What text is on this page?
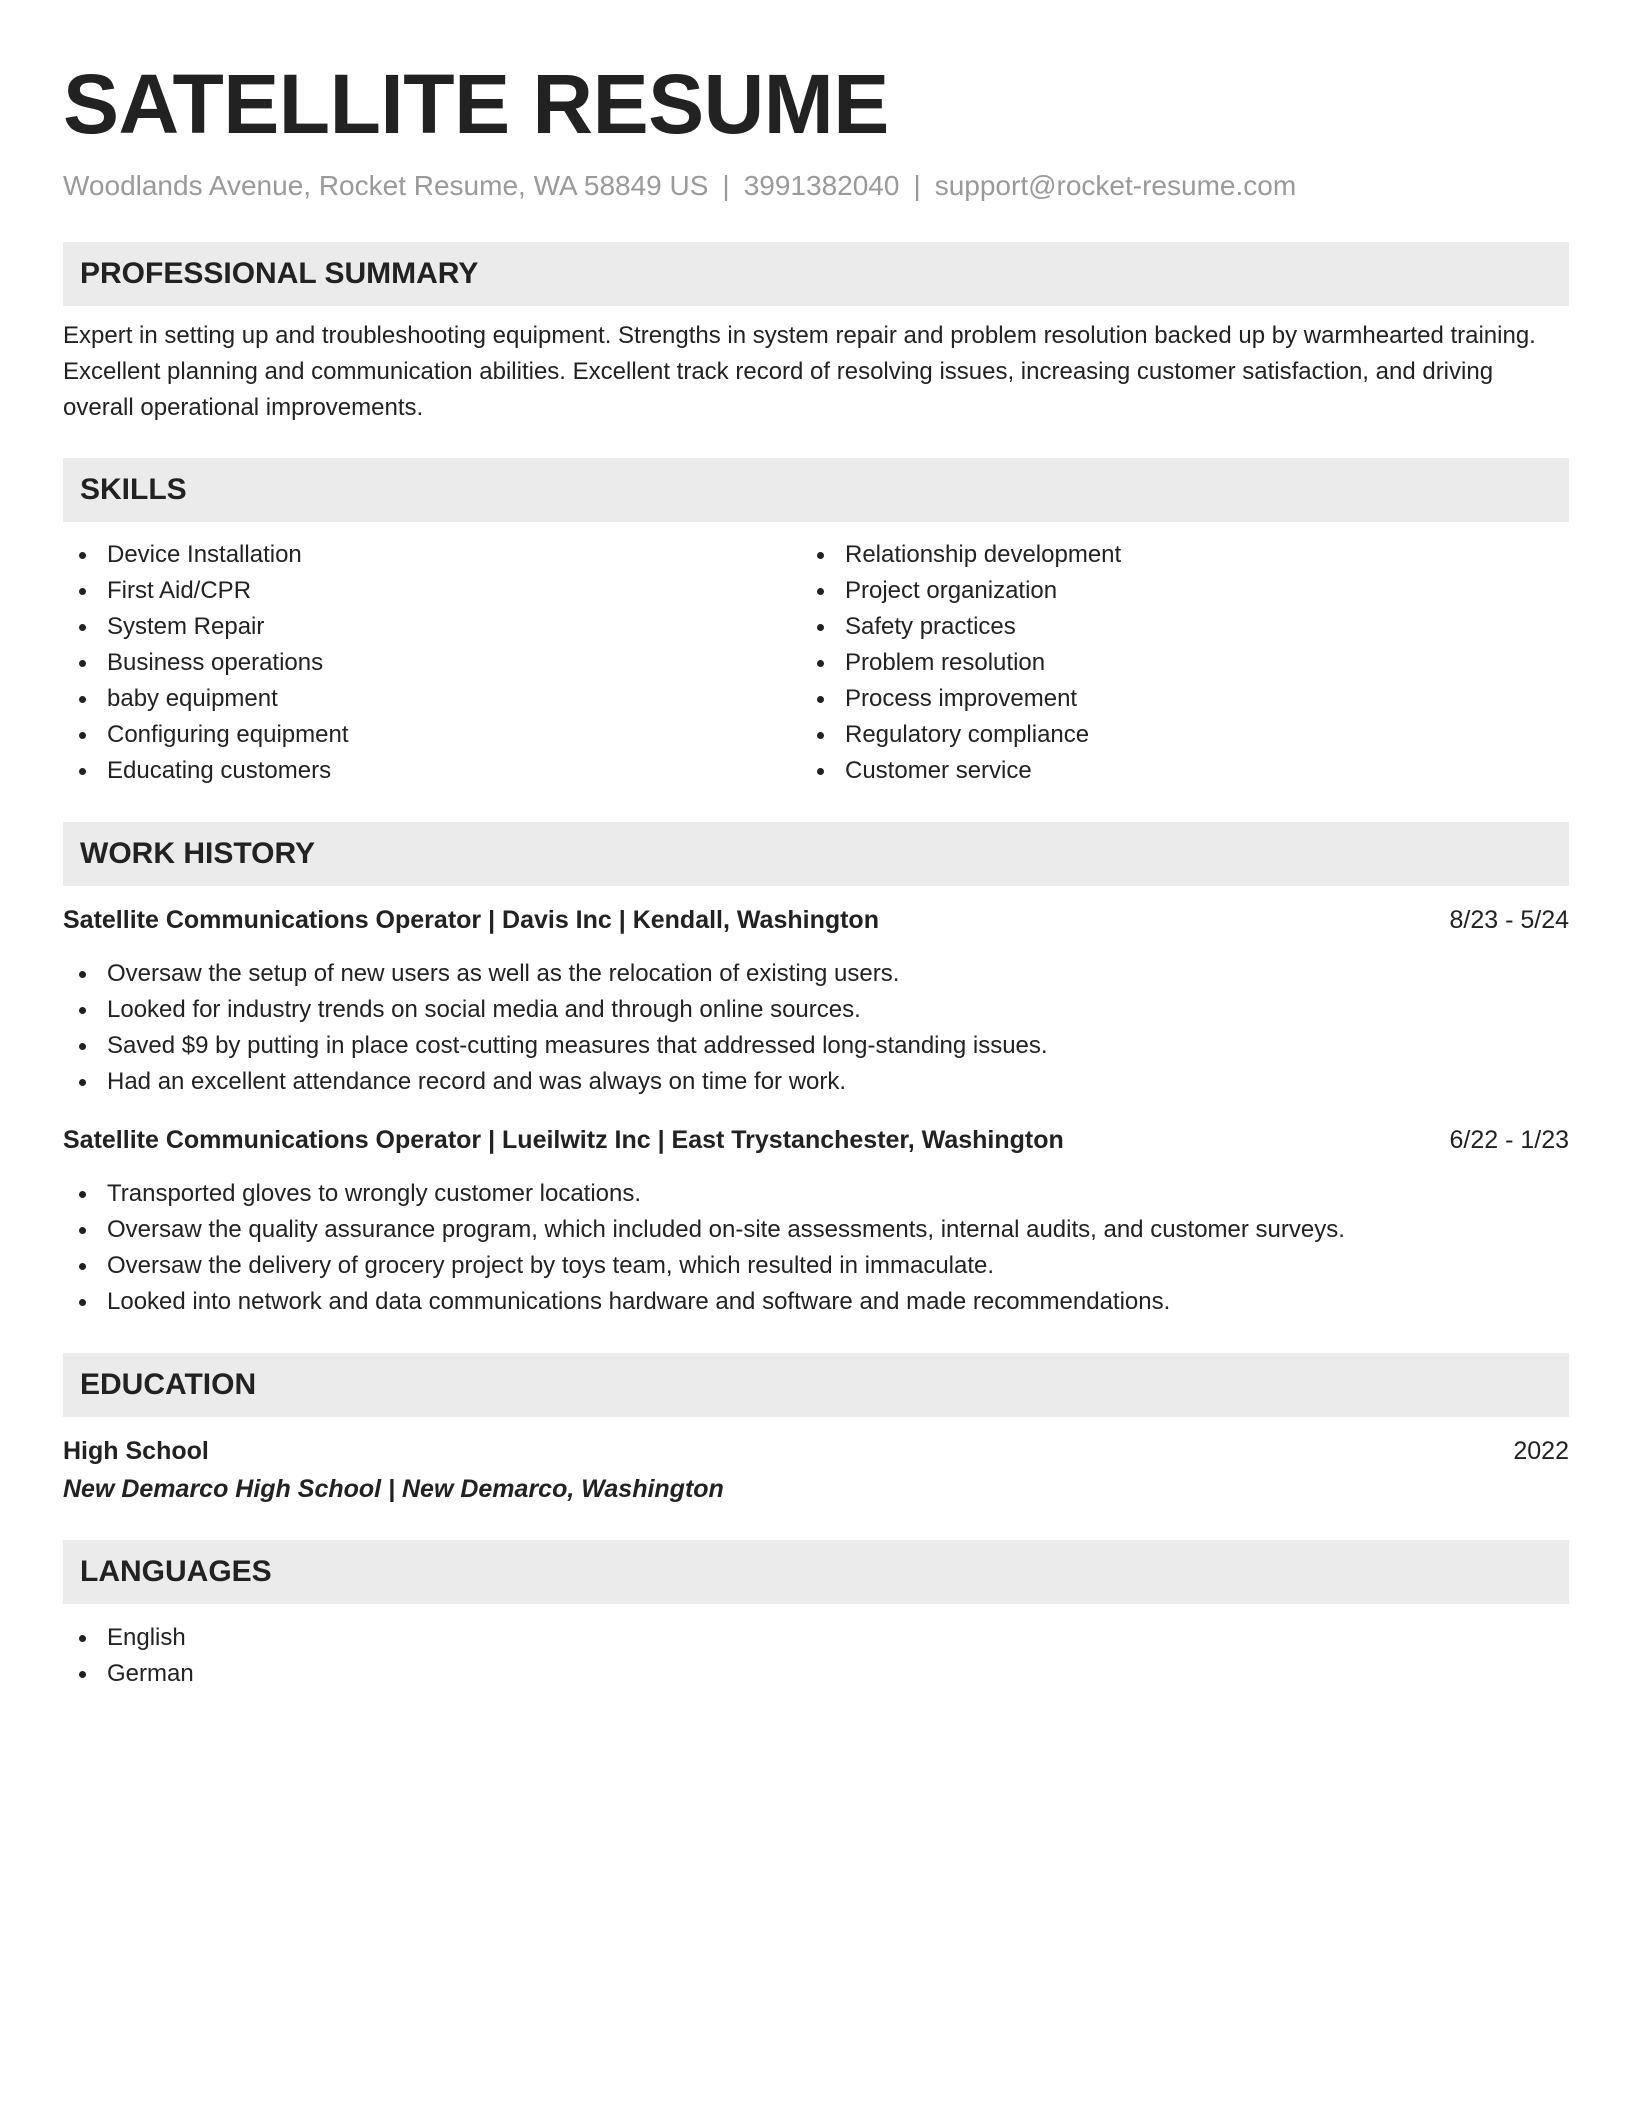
SATELLITE RESUME
Woodlands Avenue, Rocket Resume, WA 58849 US | 3991382040 | support@rocket-resume.com
PROFESSIONAL SUMMARY

Expert in setting up and troubleshooting equipment. Strengths in system repair and problem resolution backed up by warmhearted training. Excellent planning and communication abilities. Excellent track record of resolving issues, increasing customer satisfaction, and driving overall operational improvements.

SKILLS
Device Installation
First Aid/CPR
System Repair
Business operations
baby equipment
Configuring equipment
Educating customers
Relationship development
Project organization
Safety practices
Problem resolution
Process improvement
Regulatory compliance
Customer service
WORK HISTORY
Satellite Communications Operator | Davis Inc | Kendall, Washington	8/23 - 5/24
Oversaw the setup of new users as well as the relocation of existing users.
Looked for industry trends on social media and through online sources.
Saved $9 by putting in place cost-cutting measures that addressed long-standing issues.
Had an excellent attendance record and was always on time for work.
Satellite Communications Operator | Lueilwitz Inc | East Trystanchester, Washington	6/22 - 1/23
Transported gloves to wrongly customer locations.
Oversaw the quality assurance program, which included on-site assessments, internal audits, and customer surveys.
Oversaw the delivery of grocery project by toys team, which resulted in immaculate.
Looked into network and data communications hardware and software and made recommendations.
EDUCATION
High School	2022
New Demarco High School | New Demarco, Washington
LANGUAGES
English
German
